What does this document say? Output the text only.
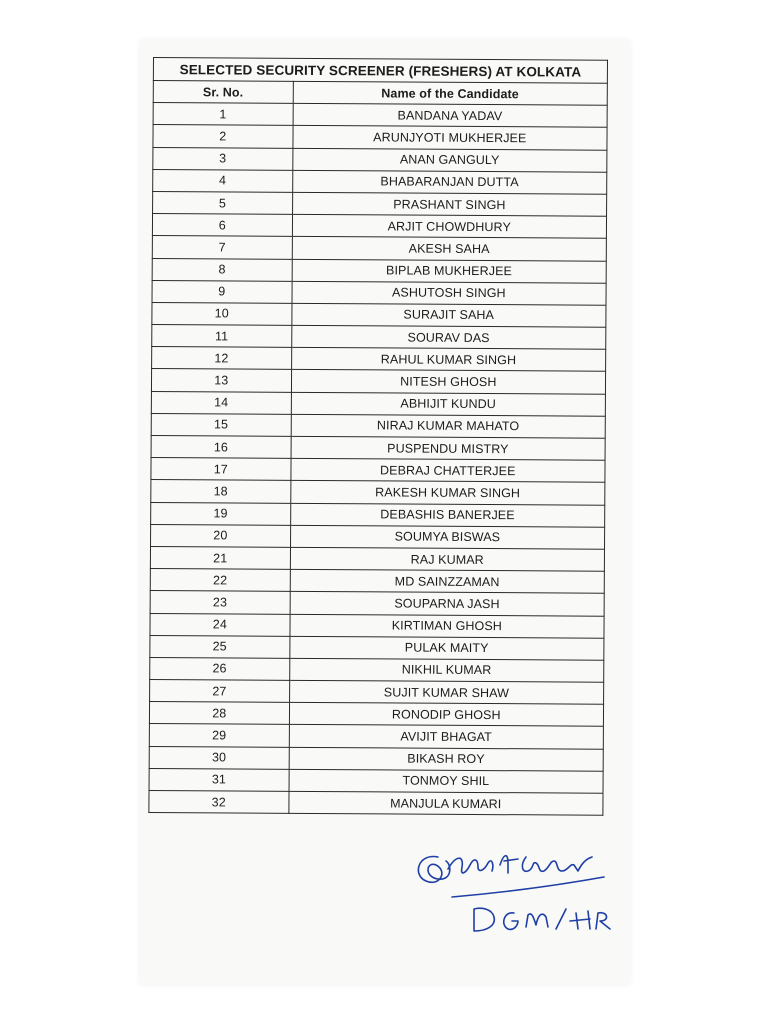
SELECTED SECURITY SCREENER (FRESHERS) AT KOLKATA	
Sr. No.	Name of the Candidate
1	BANDANA YADAV
2	ARUNJYOTI MUKHERJEE
3	ANAN GANGULY
4	BHABARANJAN DUTTA
5	PRASHANT SINGH
6	ARJIT CHOWDHURY
7	AKESH SAHA
8	BIPLAB MUKHERJEE
9	ASHUTOSH SINGH
10	SURAJIT SAHA
11	SOURAV DAS
12	RAHUL KUMAR SINGH
13	NITESH GHOSH
14	ABHIJIT KUNDU
15	NIRAJ KUMAR MAHATO
16	PUSPENDU MISTRY
17	DEBRAJ CHATTERJEE
18	RAKESH KUMAR SINGH
19	DEBASHIS BANERJEE
20	SOUMYA BISWAS
21	RAJ KUMAR
22	MD SAINZZAMAN
23	SOUPARNA JASH
24	KIRTIMAN GHOSH
25	PULAK MAITY
26	NIKHIL KUMAR
27	SUJIT KUMAR SHAW
28	RONODIP GHOSH
29	AVIJIT BHAGAT
30	BIKASH ROY
31	TONMOY SHIL
32	MANJULA KUMARI
